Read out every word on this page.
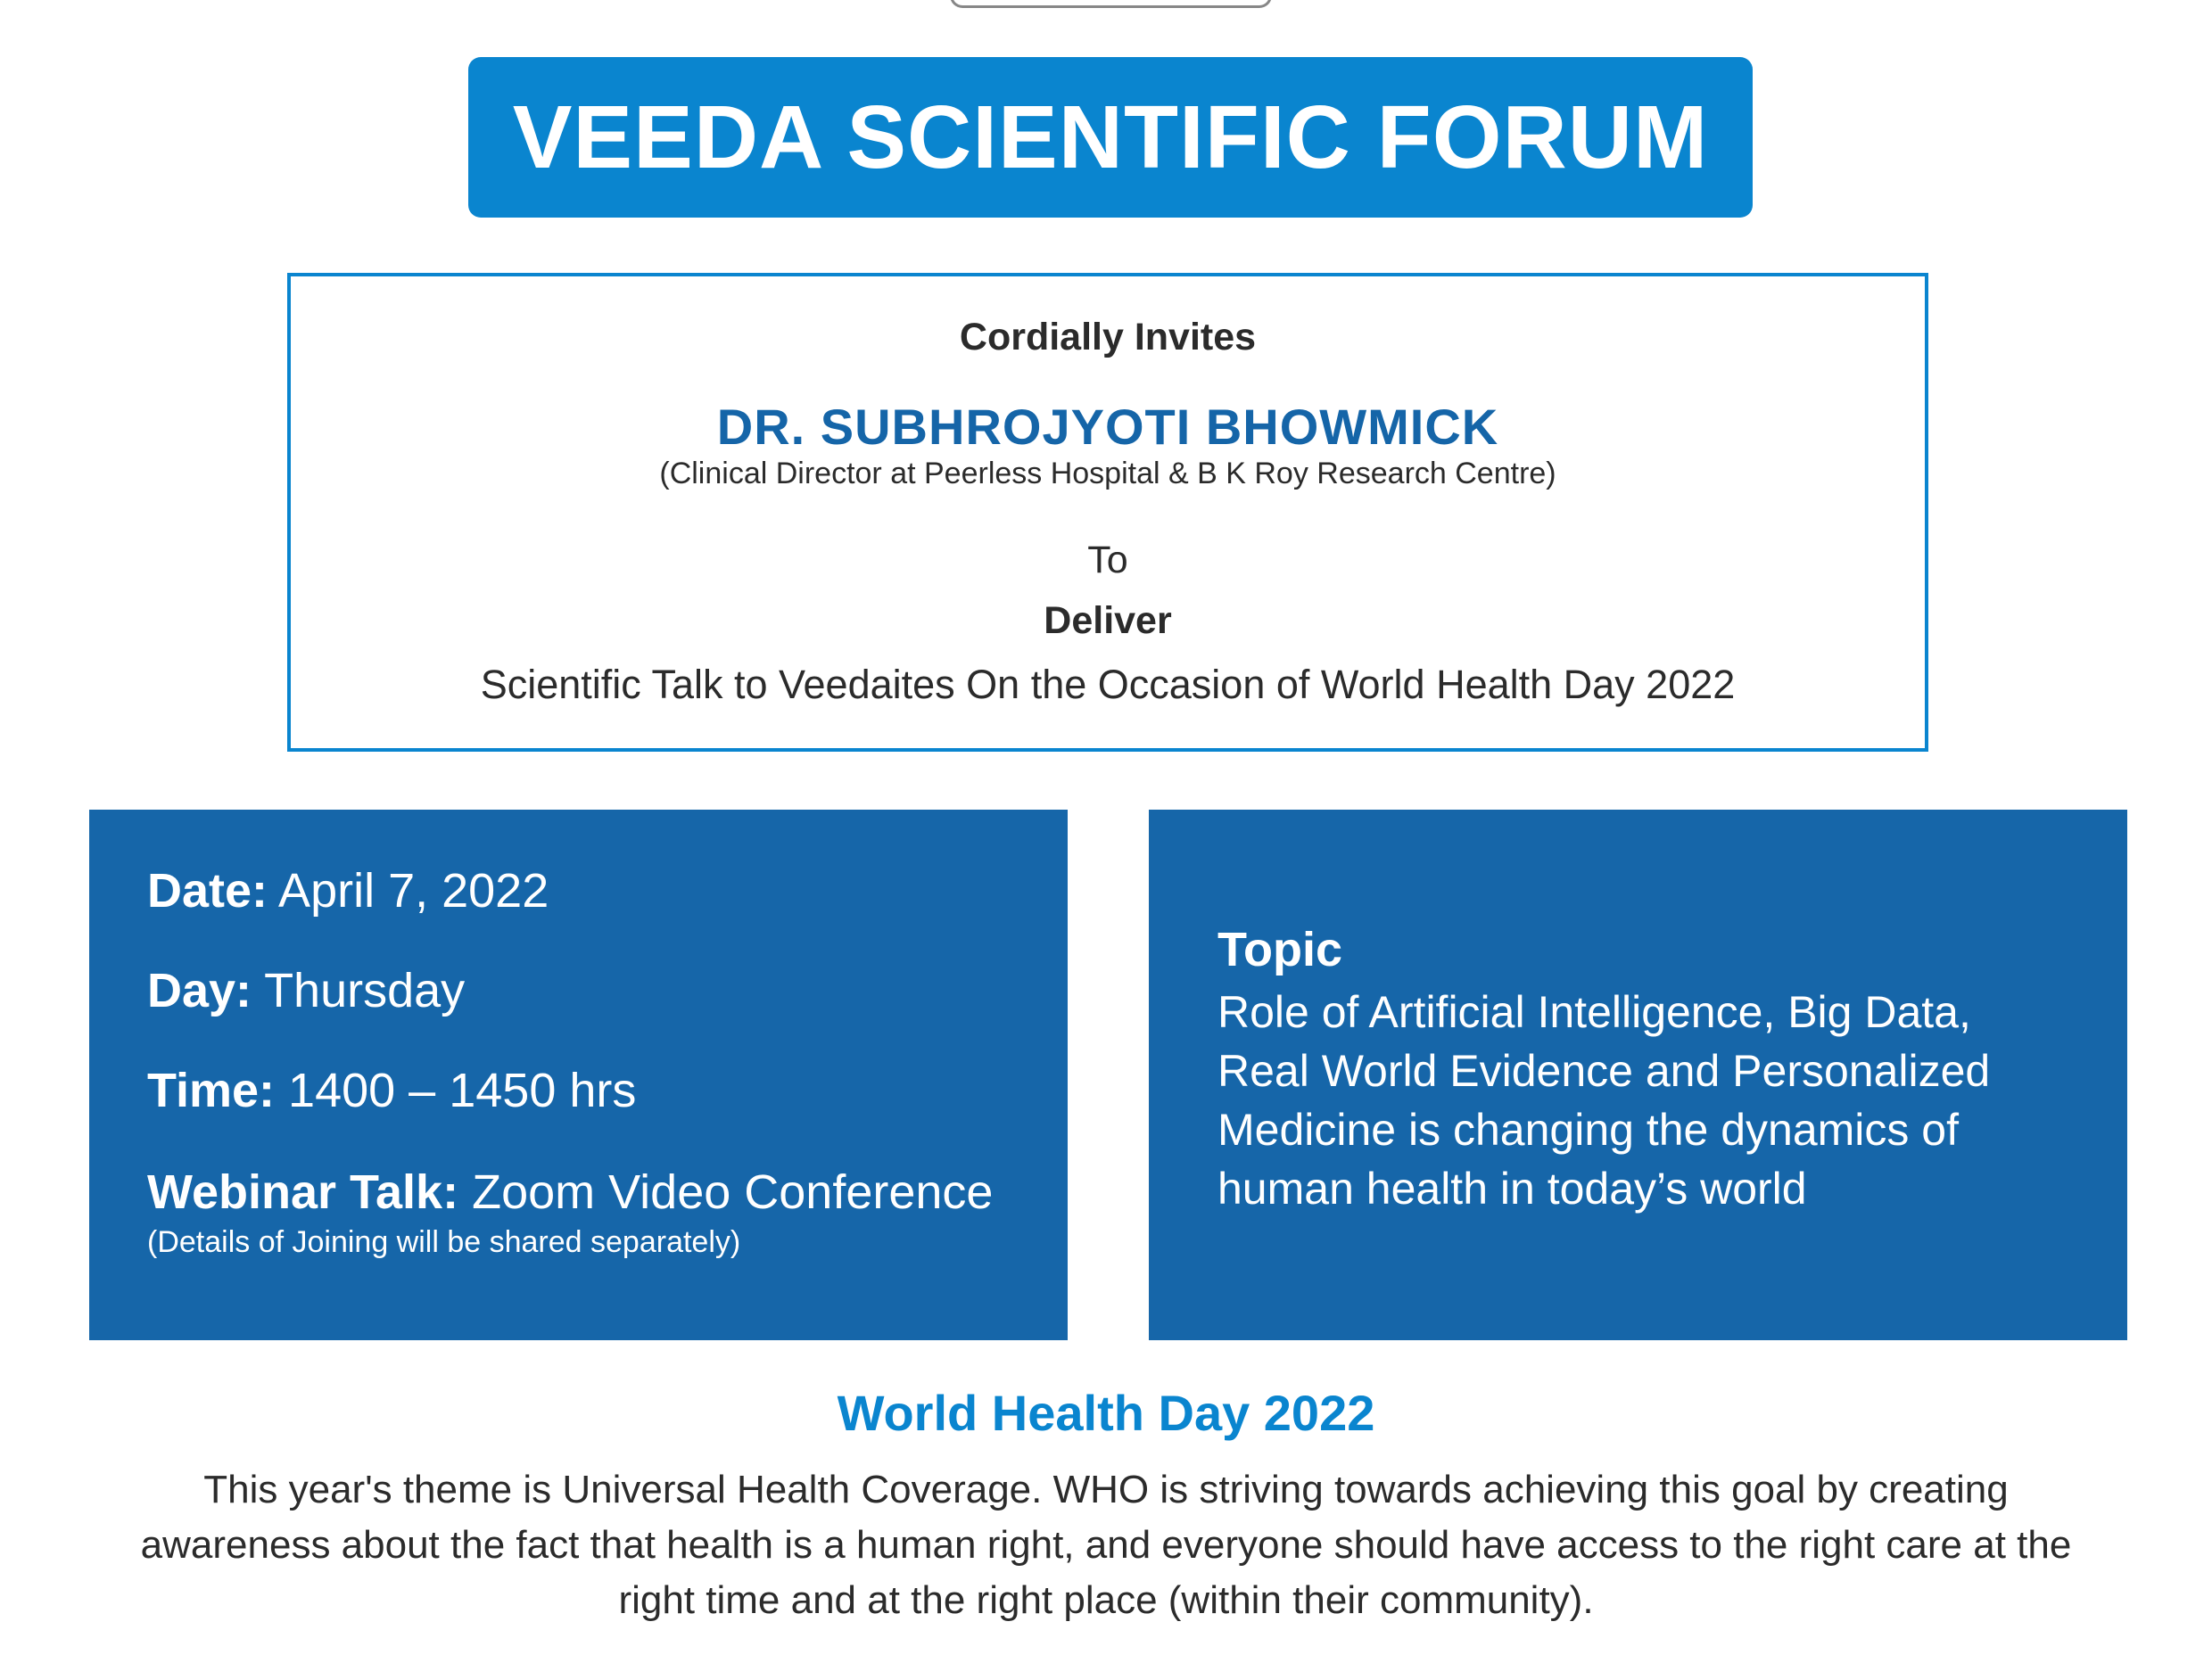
VEEDA SCIENTIFIC FORUM
Cordially Invites
DR. SUBHROJYOTI BHOWMICK
(Clinical Director at Peerless Hospital & B K Roy Research Centre)
To
Deliver
Scientific Talk to Veedaites On the Occasion of World Health Day 2022
Date: April 7, 2022
Day: Thursday
Time: 1400 – 1450 hrs
Webinar Talk: Zoom Video Conference
(Details of Joining will be shared separately)
Topic
Role of Artificial Intelligence, Big Data, Real World Evidence and Personalized Medicine is changing the dynamics of human health in today’s world
World Health Day 2022
This year's theme is Universal Health Coverage. WHO is striving towards achieving this goal by creating awareness about the fact that health is a human right, and everyone should have access to the right care at the right time and at the right place (within their community).
